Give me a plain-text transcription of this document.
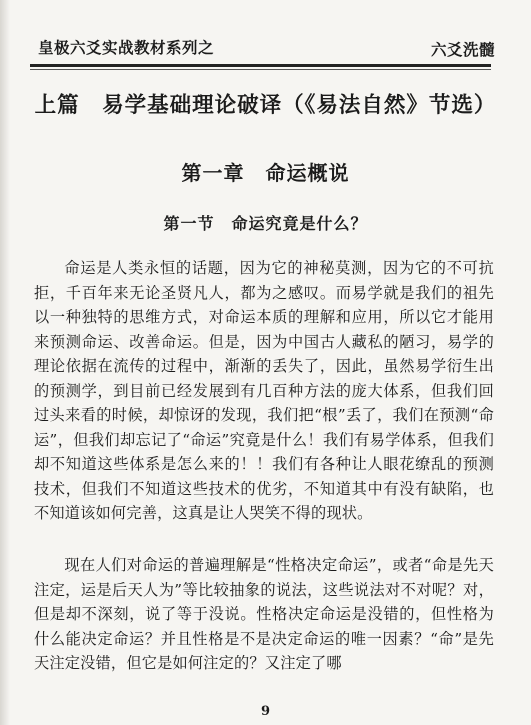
皇极六爻实战教材系列之	六爻洗髓
上篇　易学基础理论破译（《易法自然》节选）
第一章　命运概说
第一节　命运究竟是什么？
命运是人类永恒的话题，因为它的神秘莫测，因为它的不可抗拒，千百年来无论圣贤凡人，都为之感叹。而易学就是我们的祖先以一种独特的思维方式，对命运本质的理解和应用，所以它才能用来预测命运、改善命运。但是，因为中国古人藏私的陋习，易学的理论依据在流传的过程中，渐渐的丢失了，因此，虽然易学衍生出的预测学，到目前已经发展到有几百种方法的庞大体系，但我们回过头来看的时候，却惊讶的发现，我们把“根”丢了，我们在预测“命运”，但我们却忘记了“命运”究竟是什么！我们有易学体系，但我们却不知道这些体系是怎么来的！！我们有各种让人眼花缭乱的预测技术，但我们不知道这些技术的优劣，不知道其中有没有缺陷，也不知道该如何完善，这真是让人哭笑不得的现状。
现在人们对命运的普遍理解是“性格决定命运”，或者“命是先天注定，运是后天人为”等比较抽象的说法，这些说法对不对呢？对，但是却不深刻，说了等于没说。性格决定命运是没错的，但性格为什么能决定命运？并且性格是不是决定命运的唯一因素？“命”是先天注定没错，但它是如何注定的？又注定了哪
9
